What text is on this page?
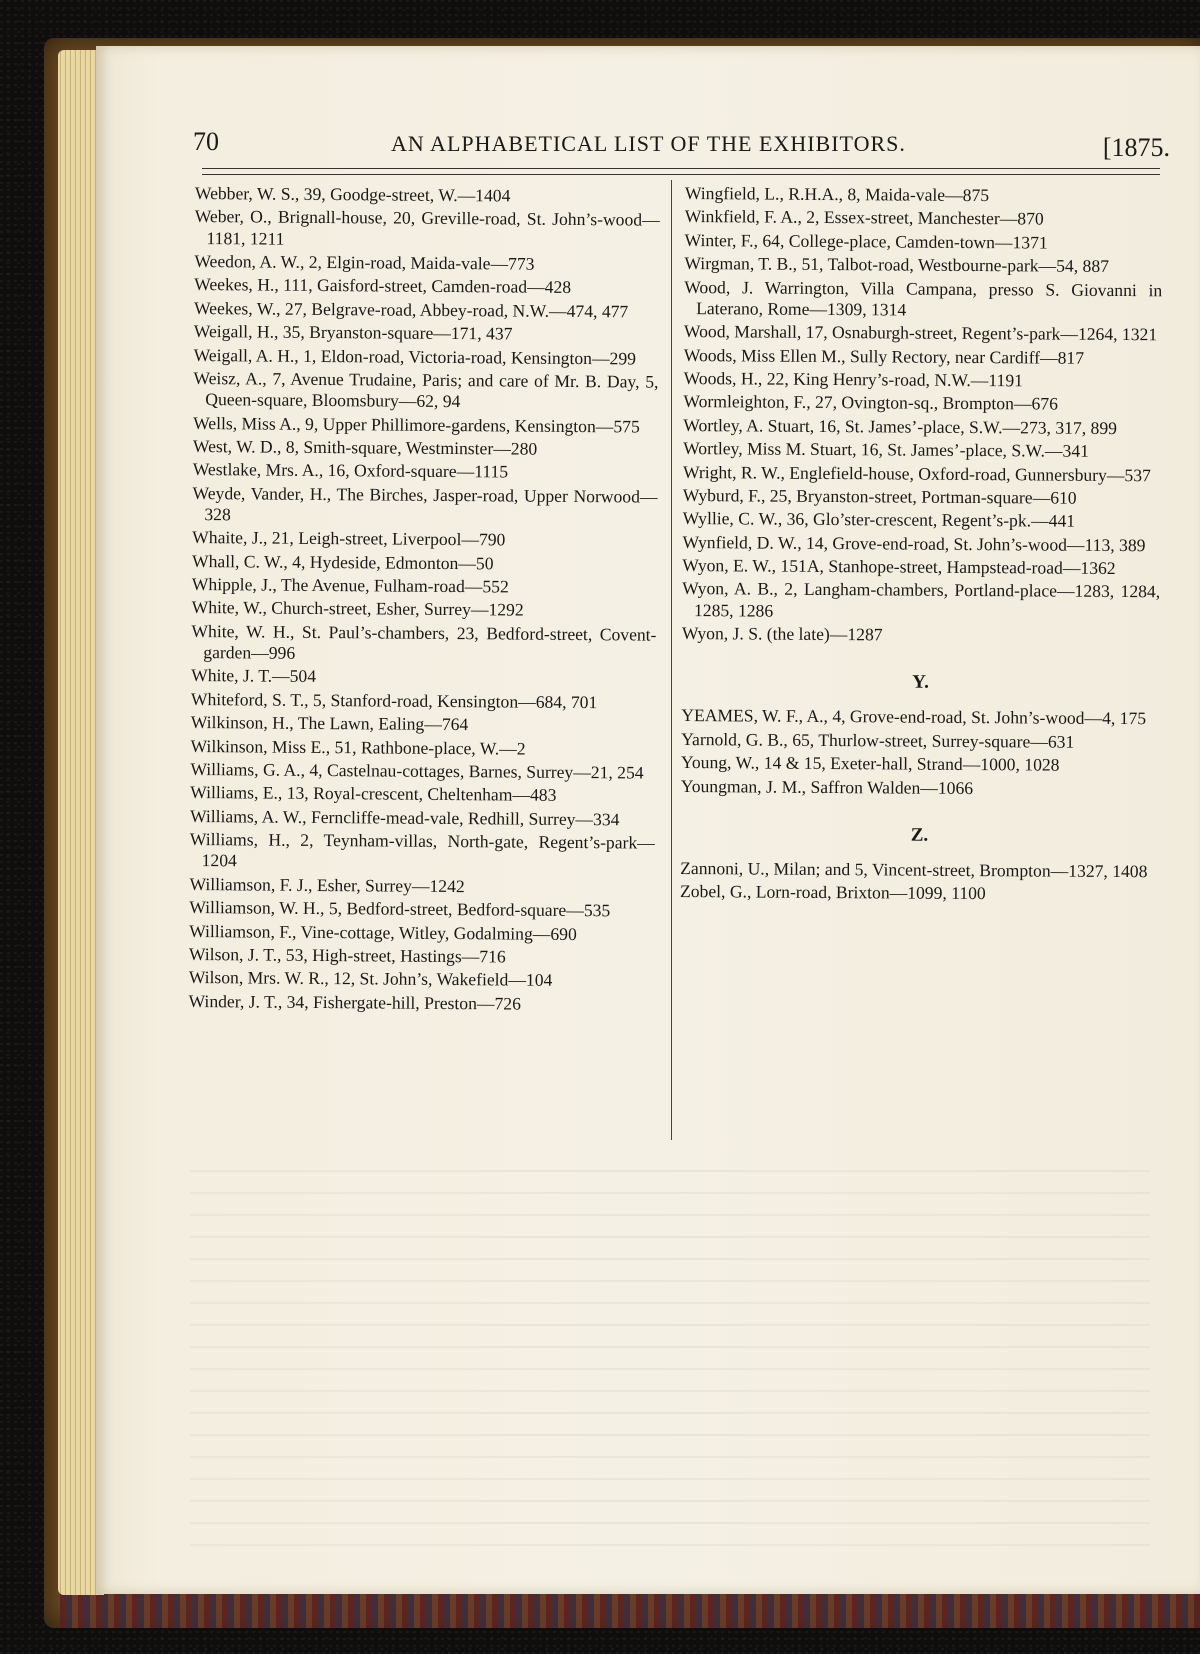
70	AN ALPHABETICAL LIST OF THE EXHIBITORS.	[1875.

Webber, W. S., 39, Goodge-street, W.—1404

Weber, O., Brignall-house, 20, Greville-road, St. John’s-wood—1181, 1211

Weedon, A. W., 2, Elgin-road, Maida-vale—773

Weekes, H., 111, Gaisford-street, Camden-road—428

Weekes, W., 27, Belgrave-road, Abbey-road, N.W.—474, 477

Weigall, H., 35, Bryanston-square—171, 437

Weigall, A. H., 1, Eldon-road, Victoria-road, Kensington—299

Weisz, A., 7, Avenue Trudaine, Paris; and care of Mr. B. Day, 5, Queen-square, Bloomsbury—62, 94

Wells, Miss A., 9, Upper Phillimore-gardens, Kensington—575

West, W. D., 8, Smith-square, Westminster—280

Westlake, Mrs. A., 16, Oxford-square—1115

Weyde, Vander, H., The Birches, Jasper-road, Upper Norwood—328

Whaite, J., 21, Leigh-street, Liverpool—790

Whall, C. W., 4, Hydeside, Edmonton—50

Whipple, J., The Avenue, Fulham-road—552

White, W., Church-street, Esher, Surrey—1292

White, W. H., St. Paul’s-chambers, 23, Bedford-street, Covent-garden—996

White, J. T.—504

Whiteford, S. T., 5, Stanford-road, Kensington—684, 701

Wilkinson, H., The Lawn, Ealing—764

Wilkinson, Miss E., 51, Rathbone-place, W.—2

Williams, G. A., 4, Castelnau-cottages, Barnes, Surrey—21, 254

Williams, E., 13, Royal-crescent, Cheltenham—483

Williams, A. W., Ferncliffe-mead-vale, Redhill, Surrey—334

Williams, H., 2, Teynham-villas, North-gate, Regent’s-park—1204

Williamson, F. J., Esher, Surrey—1242

Williamson, W. H., 5, Bedford-street, Bedford-square—535

Williamson, F., Vine-cottage, Witley, Godalming—690

Wilson, J. T., 53, High-street, Hastings—716

Wilson, Mrs. W. R., 12, St. John’s, Wakefield—104

Winder, J. T., 34, Fishergate-hill, Preston—726

Wingfield, L., R.H.A., 8, Maida-vale—875

Winkfield, F. A., 2, Essex-street, Manchester—870

Winter, F., 64, College-place, Camden-town—1371

Wirgman, T. B., 51, Talbot-road, Westbourne-park—54, 887

Wood, J. Warrington, Villa Campana, presso S. Giovanni in Laterano, Rome—1309, 1314

Wood, Marshall, 17, Osnaburgh-street, Regent’s-park—1264, 1321

Woods, Miss Ellen M., Sully Rectory, near Cardiff—817

Woods, H., 22, King Henry’s-road, N.W.—1191

Wormleighton, F., 27, Ovington-sq., Brompton—676

Wortley, A. Stuart, 16, St. James’-place, S.W.—273, 317, 899

Wortley, Miss M. Stuart, 16, St. James’-place, S.W.—341

Wright, R. W., Englefield-house, Oxford-road, Gunnersbury—537

Wyburd, F., 25, Bryanston-street, Portman-square—610

Wyllie, C. W., 36, Glo’ster-crescent, Regent’s-pk.—441

Wynfield, D. W., 14, Grove-end-road, St. John’s-wood—113, 389

Wyon, E. W., 151A, Stanhope-street, Hampstead-road—1362

Wyon, A. B., 2, Langham-chambers, Portland-place—1283, 1284, 1285, 1286

Wyon, J. S. (the late)—1287

Y.

YEAMES, W. F., A., 4, Grove-end-road, St. John’s-wood—4, 175

Yarnold, G. B., 65, Thurlow-street, Surrey-square—631

Young, W., 14 & 15, Exeter-hall, Strand—1000, 1028

Youngman, J. M., Saffron Walden—1066

Z.

Zannoni, U., Milan; and 5, Vincent-street, Brompton—1327, 1408

Zobel, G., Lorn-road, Brixton—1099, 1100
